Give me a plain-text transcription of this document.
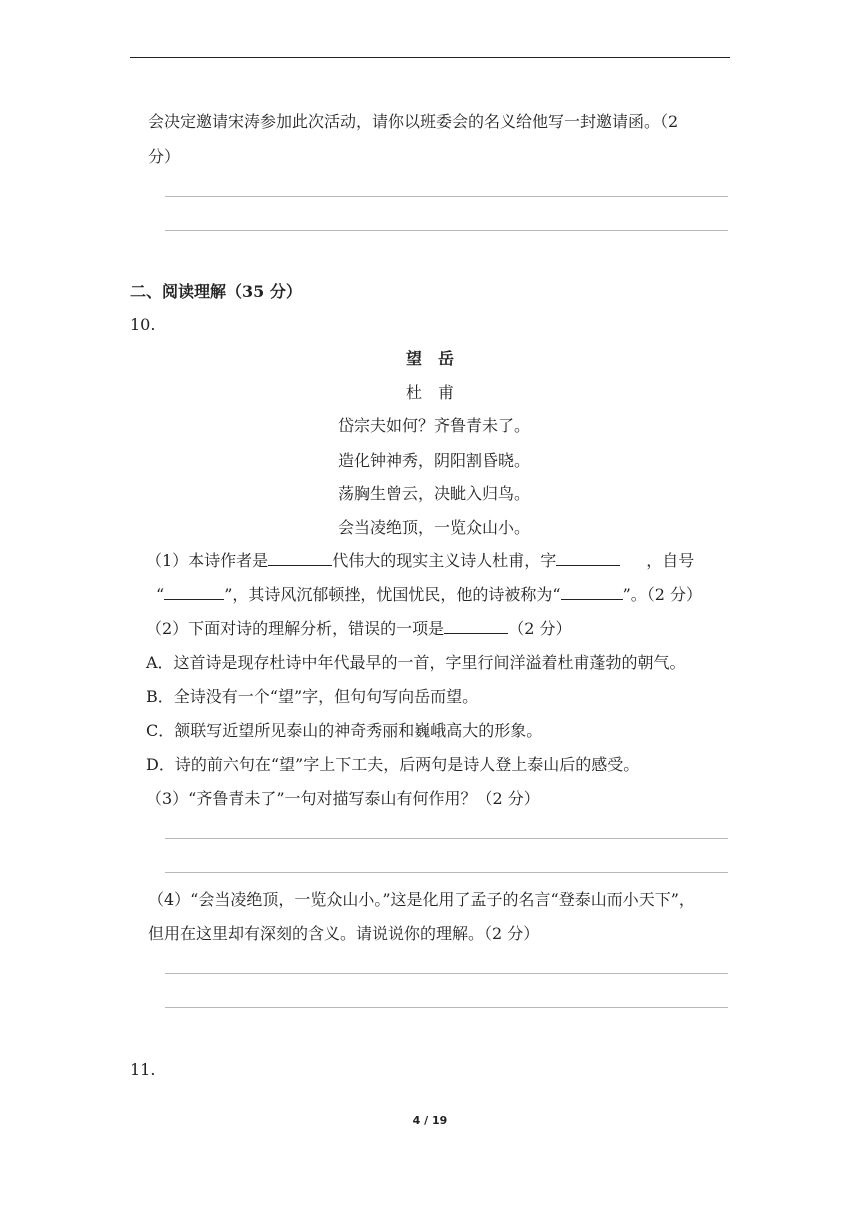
会决定邀请宋涛参加此次活动，请你以班委会的名义给他写一封邀请函。（2
分）
二、阅读理解（35 分）
10.
望　岳
杜　甫
岱宗夫如何？齐鲁青未了。
造化钟神秀，阴阳割昏晓。
荡胸生曾云，决眦入归鸟。
会当凌绝顶，一览众山小。
（1）本诗作者是	代伟大的现实主义诗人杜甫，字	，自号
“	”，其诗风沉郁顿挫，忧国忧民，他的诗被称为“	”。（2 分）
（2）下面对诗的理解分析，错误的一项是	（2 分）
A．这首诗是现存杜诗中年代最早的一首，字里行间洋溢着杜甫蓬勃的朝气。
B．全诗没有一个“望”字，但句句写向岳而望。
C．颔联写近望所见泰山的神奇秀丽和巍峨高大的形象。
D．诗的前六句在“望”字上下工夫，后两句是诗人登上泰山后的感受。
（3）“齐鲁青未了”一句对描写泰山有何作用？（2 分）
（4）“会当凌绝顶，一览众山小。”这是化用了孟子的名言“登泰山而小天下”，
但用在这里却有深刻的含义。请说说你的理解。（2 分）
11.
4 / 19
